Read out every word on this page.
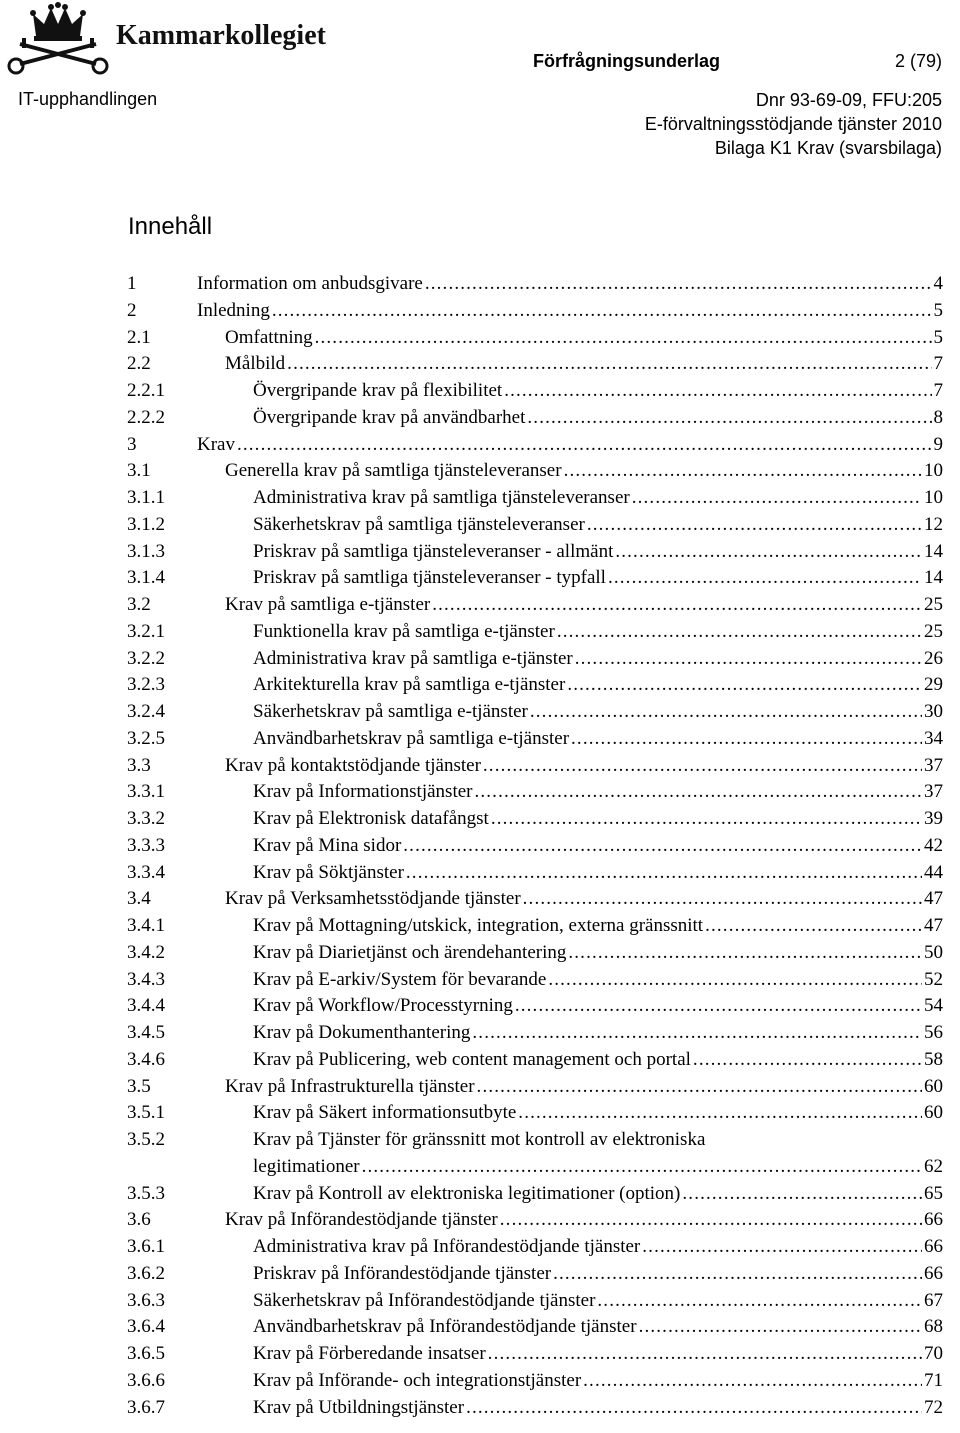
Kammarkollegiet
Förfrågningsunderlag	2 (79)
IT-upphandlingen	Dnr 93-69-09, FFU:205
E-förvaltningsstödjande tjänster 2010
Bilaga K1 Krav (svarsbilaga)
Innehåll
1	Information om anbudsgivare . . .	4
2	Inledning . . .	5
2.1	Omfattning . . .	5
2.2	Målbild . . .	7
2.2.1	Övergripande krav på flexibilitet . . .	7
2.2.2	Övergripande krav på användbarhet . . .	8
3	Krav . . .	9
3.1	Generella krav på samtliga tjänsteleveranser . . .	10
3.1.1	Administrativa krav på samtliga tjänsteleveranser . . .	10
3.1.2	Säkerhetskrav på samtliga tjänsteleveranser . . .	12
3.1.3	Priskrav på samtliga tjänsteleveranser - allmänt . . .	14
3.1.4	Priskrav på samtliga tjänsteleveranser - typfall . . .	14
3.2	Krav på samtliga e-tjänster . . .	25
3.2.1	Funktionella krav på samtliga e-tjänster . . .	25
3.2.2	Administrativa krav på samtliga e-tjänster . . .	26
3.2.3	Arkitekturella krav på samtliga e-tjänster . . .	29
3.2.4	Säkerhetskrav på samtliga e-tjänster . . .	30
3.2.5	Användbarhetskrav på samtliga e-tjänster . . .	34
3.3	Krav på kontaktstödjande tjänster . . .	37
3.3.1	Krav på Informationstjänster . . .	37
3.3.2	Krav på Elektronisk datafångst . . .	39
3.3.3	Krav på Mina sidor . . .	42
3.3.4	Krav på Söktjänster . . .	44
3.4	Krav på Verksamhetsstödjande tjänster . . .	47
3.4.1	Krav på Mottagning/utskick, integration, externa gränssnitt . . .	47
3.4.2	Krav på Diarietjänst och ärendehantering . . .	50
3.4.3	Krav på E-arkiv/System för bevarande . . .	52
3.4.4	Krav på Workflow/Processtyrning . . .	54
3.4.5	Krav på Dokumenthantering . . .	56
3.4.6	Krav på Publicering, web content management och portal . . .	58
3.5	Krav på Infrastrukturella tjänster . . .	60
3.5.1	Krav på Säkert informationsutbyte . . .	60
3.5.2	Krav på Tjänster för gränssnitt mot kontroll av elektroniska
legitimationer . . .	62
3.5.3	Krav på Kontroll av elektroniska legitimationer (option) . . .	65
3.6	Krav på Införandestödjande tjänster . . .	66
3.6.1	Administrativa krav på Införandestödjande tjänster . . .	66
3.6.2	Priskrav på Införandestödjande tjänster . . .	66
3.6.3	Säkerhetskrav på Införandestödjande tjänster . . .	67
3.6.4	Användbarhetskrav på Införandestödjande tjänster . . .	68
3.6.5	Krav på Förberedande insatser . . .	70
3.6.6	Krav på Införande- och integrationstjänster . . .	71
3.6.7	Krav på Utbildningstjänster . . .	72
